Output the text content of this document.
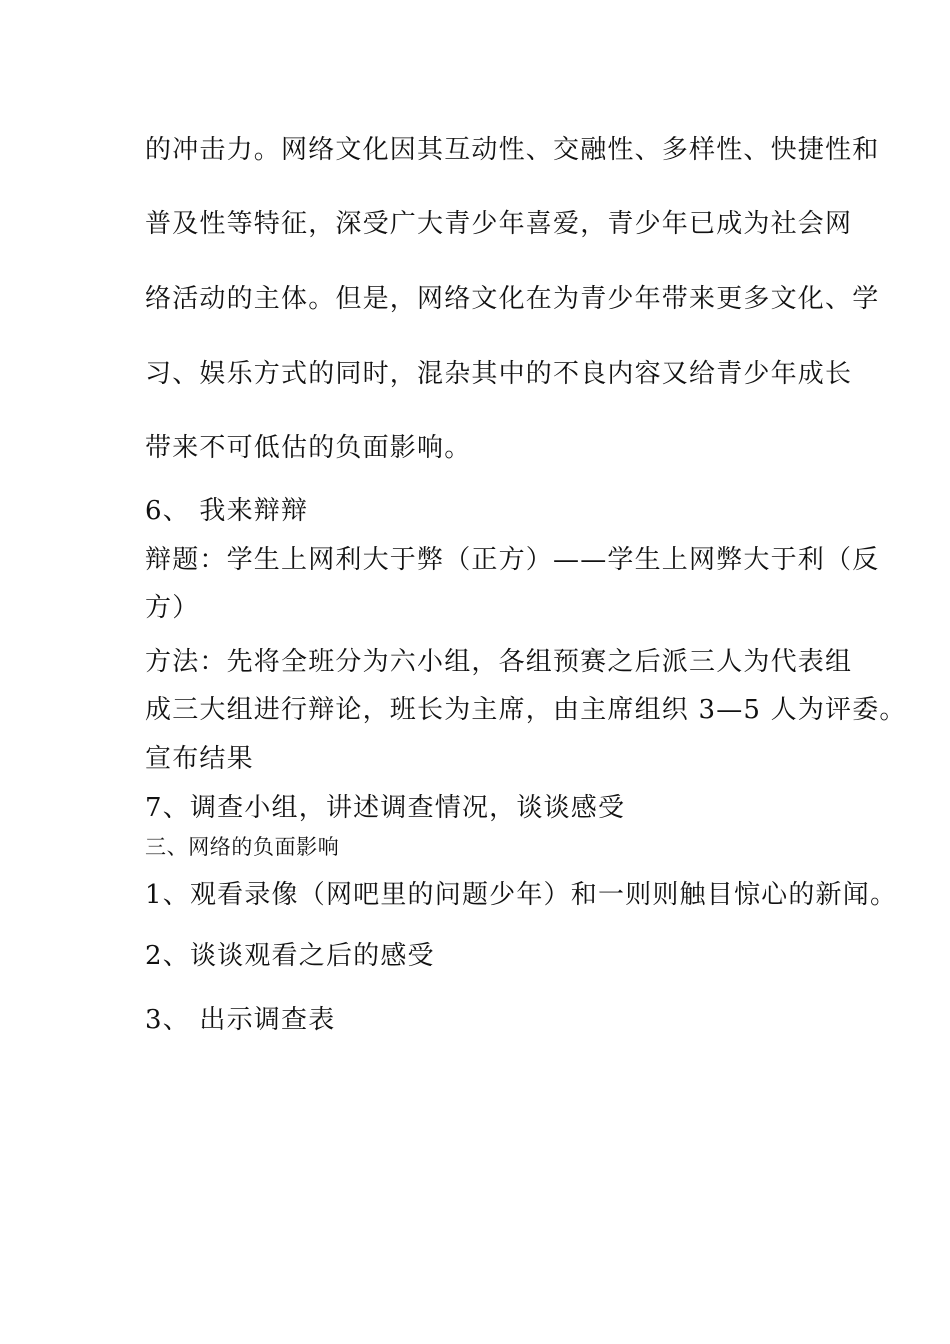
的冲击力。网络文化因其互动性、交融性、多样性、快捷性和
普及性等特征，深受广大青少年喜爱，青少年已成为社会网
络活动的主体。但是，网络文化在为青少年带来更多文化、学
习、娱乐方式的同时，混杂其中的不良内容又给青少年成长
带来不可低估的负面影响。
6、 我来辩辩
辩题：学生上网利大于弊（正方）——学生上网弊大于利（反
方）
方法：先将全班分为六小组，各组预赛之后派三人为代表组
成三大组进行辩论，班长为主席，由主席组织 3—5 人为评委。
宣布结果
7、调查小组，讲述调查情况，谈谈感受
三、网络的负面影响
1、观看录像（网吧里的问题少年）和一则则触目惊心的新闻。
2、谈谈观看之后的感受
3、 出示调查表
